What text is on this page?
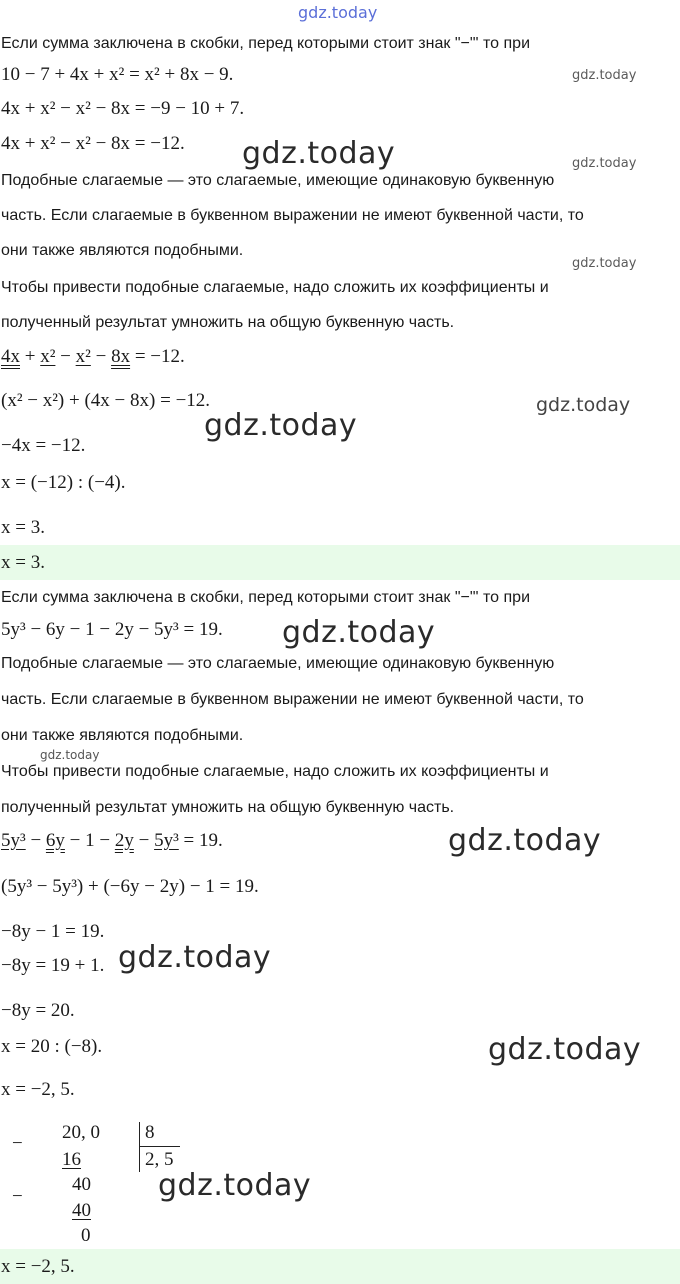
gdz.today
Если сумма заключена в скобки, перед которыми стоит знак "−"' то при
10 − 7 + 4x + x² = x² + 8x − 9.	gdz.today
4x + x² − x² − 8x = −9 − 10 + 7.
4x + x² − x² − 8x = −12. gdz.today	gdz.today
Подобные слагаемые — это слагаемые, имеющие одинаковую буквенную
часть. Если слагаемые в буквенном выражении не имеют буквенной части, то
они также являются подобными.
gdz.today
Чтобы привести подобные слагаемые, надо сложить их коэффициенты и
полученный результат умножить на общую буквенную часть.
4x + x² − x² − 8x = −12.
(x² − x²) + (4x − 8x) = −12.	gdz.today
gdz.today
−4x = −12.
x = (−12) : (−4).
x = 3.
x = 3.
Если сумма заключена в скобки, перед которыми стоит знак "−"' то при
5y³ − 6y − 1 − 2y − 5y³ = 19. gdz.today
Подобные слагаемые — это слагаемые, имеющие одинаковую буквенную
часть. Если слагаемые в буквенном выражении не имеют буквенной части, то
они также являются подобными.
gdz.today
Чтобы привести подобные слагаемые, надо сложить их коэффициенты и
полученный результат умножить на общую буквенную часть.
5y³ − 6y − 1 − 2y − 5y³ = 19.	gdz.today
(5y³ − 5y³) + (−6y − 2y) − 1 = 19.
−8y − 1 = 19.
−8y = 19 + 1. gdz.today
−8y = 20.
x = 20 : (−8).	gdz.today
x = −2, 5.
−
20, 0
16
8
2, 5
−
40
40
0
gdz.today
x = −2, 5.
